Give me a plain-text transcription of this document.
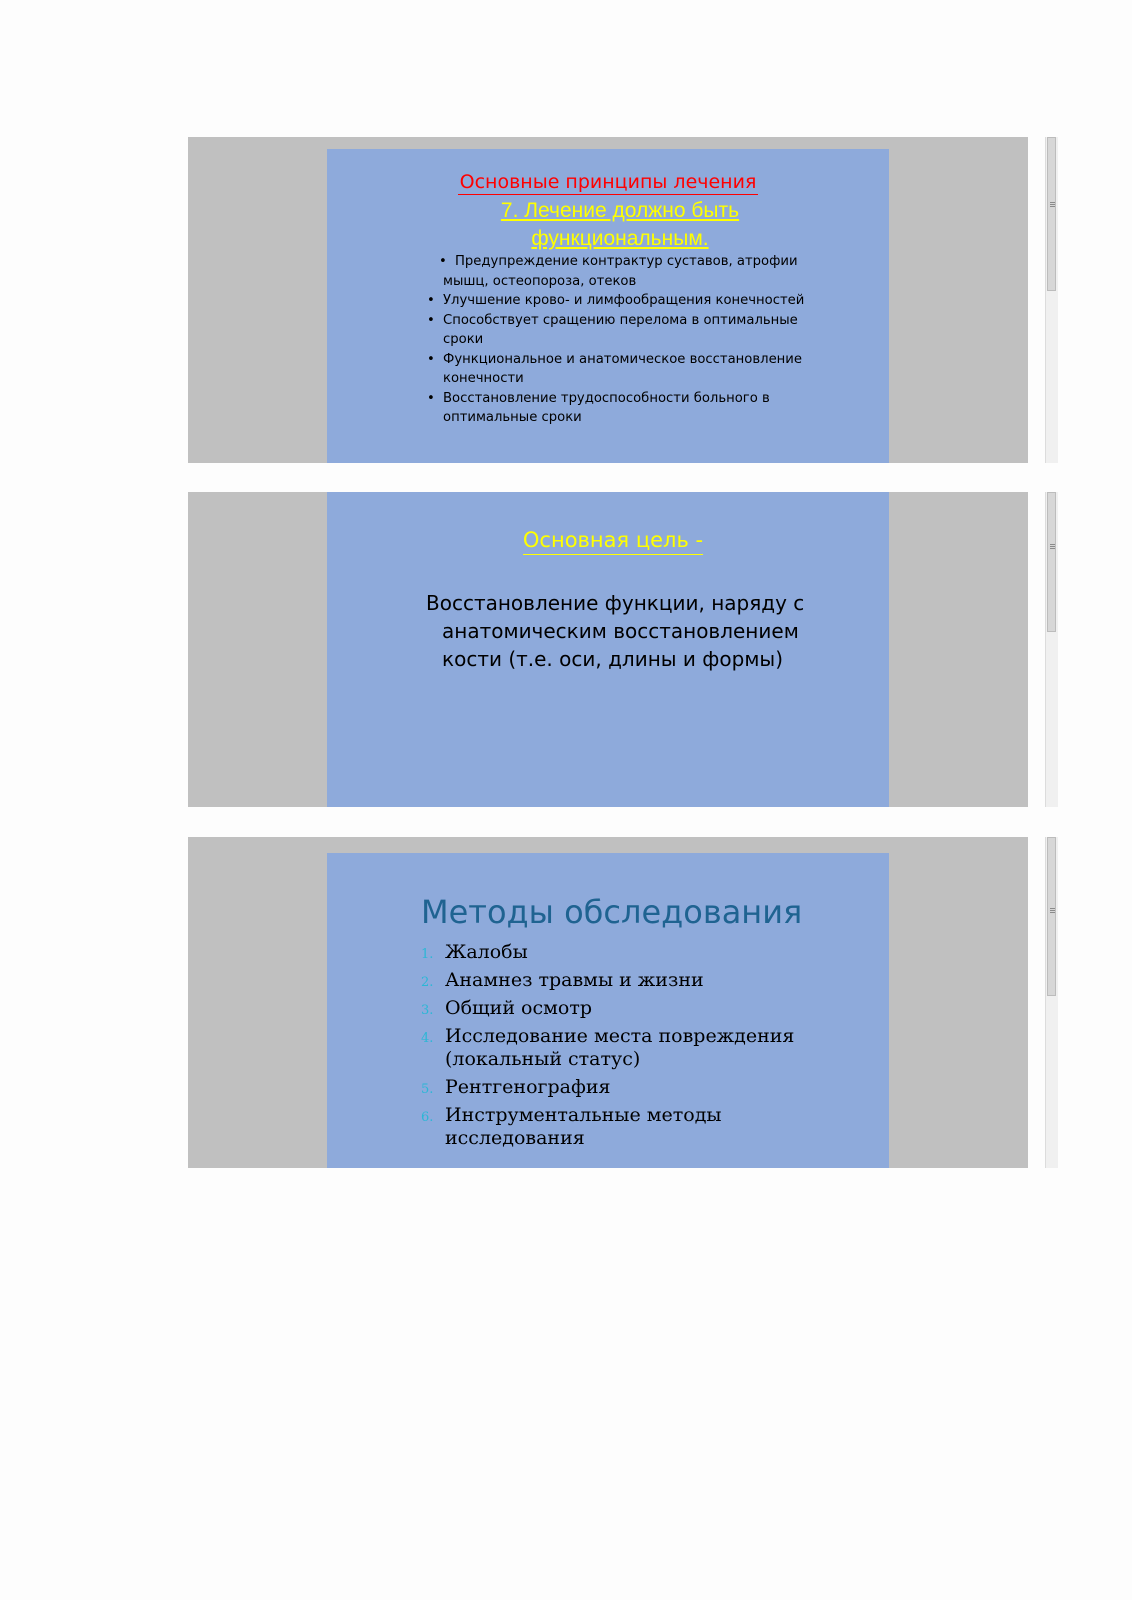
Основные принципы лечения
7. Лечение должно быть функциональным.
• Предупреждение контрактур суставов, атрофии мышц, остеопороза, отеков
• Улучшение крово- и лимфообращения конечностей
• Способствует сращению перелома в оптимальные сроки
• Функциональное и анатомическое восстановление конечности
• Восстановление трудоспособности больного в оптимальные сроки
Основная цель -
Восстановление функции, наряду с анатомическим восстановлением кости (т.е. оси, длины и формы)
Методы обследования
1. Жалобы
2. Анамнез травмы и жизни
3. Общий осмотр
4. Исследование места повреждения (локальный статус)
5. Рентгенография
6. Инструментальные методы исследования
